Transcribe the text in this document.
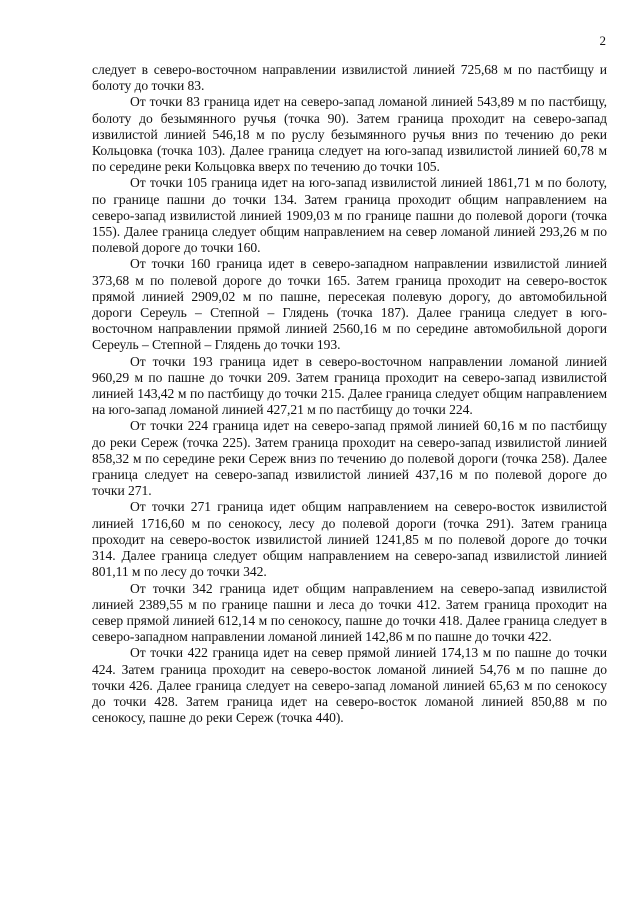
2

следует в северо-восточном направлении извилистой линией 725,68 м по пастбищу и болоту до точки 83.

От точки 83 граница идет на северо-запад ломаной линией 543,89 м по пастбищу, болоту до безымянного ручья (точка 90). Затем граница проходит на северо-запад извилистой линией 546,18 м по руслу безымянного ручья вниз по течению до реки Кольцовка (точка 103). Далее граница следует на юго-запад извилистой линией 60,78 м по середине реки Кольцовка вверх по течению до точки 105.

От точки 105 граница идет на юго-запад извилистой линией 1861,71 м по болоту, по границе пашни до точки 134. Затем граница проходит общим направлением на северо-запад извилистой линией 1909,03 м по границе пашни до полевой дороги (точка 155). Далее граница следует общим направлением на север ломаной линией 293,26 м по полевой дороге до точки 160.

От точки 160 граница идет в северо-западном направлении извилистой линией 373,68 м по полевой дороге до точки 165. Затем граница проходит на северо-восток прямой линией 2909,02 м по пашне, пересекая полевую дорогу, до автомобильной дороги Сереуль – Степной – Глядень (точка 187). Далее граница следует в юго-восточном направлении прямой линией 2560,16 м по середине автомобильной дороги Сереуль – Степной – Глядень до точки 193.

От точки 193 граница идет в северо-восточном направлении ломаной линией 960,29 м по пашне до точки 209. Затем граница проходит на северо-запад извилистой линией 143,42 м по пастбищу до точки 215. Далее граница следует общим направлением на юго-запад ломаной линией 427,21 м по пастбищу до точки 224.

От точки 224 граница идет на северо-запад прямой линией 60,16 м по пастбищу до реки Сереж (точка 225). Затем граница проходит на северо-запад извилистой линией 858,32 м по середине реки Сереж вниз по течению до полевой дороги (точка 258). Далее граница следует на северо-запад извилистой линией 437,16 м по полевой дороге до точки 271.

От точки 271 граница идет общим направлением на северо-восток извилистой линией 1716,60 м по сенокосу, лесу до полевой дороги (точка 291). Затем граница проходит на северо-восток извилистой линией 1241,85 м по полевой дороге до точки 314. Далее граница следует общим направлением на северо-запад извилистой линией 801,11 м по лесу до точки 342.

От точки 342 граница идет общим направлением на северо-запад извилистой линией 2389,55 м по границе пашни и леса до точки 412. Затем граница проходит на север прямой линией 612,14 м по сенокосу, пашне до точки 418. Далее граница следует в северо-западном направлении ломаной линией 142,86 м по пашне до точки 422.

От точки 422 граница идет на север прямой линией 174,13 м по пашне до точки 424. Затем граница проходит на северо-восток ломаной линией 54,76 м по пашне до точки 426. Далее граница следует на северо-запад ломаной линией 65,63 м по сенокосу до точки 428. Затем граница идет на северо-восток ломаной линией 850,88 м по сенокосу, пашне до реки Сереж (точка 440).
